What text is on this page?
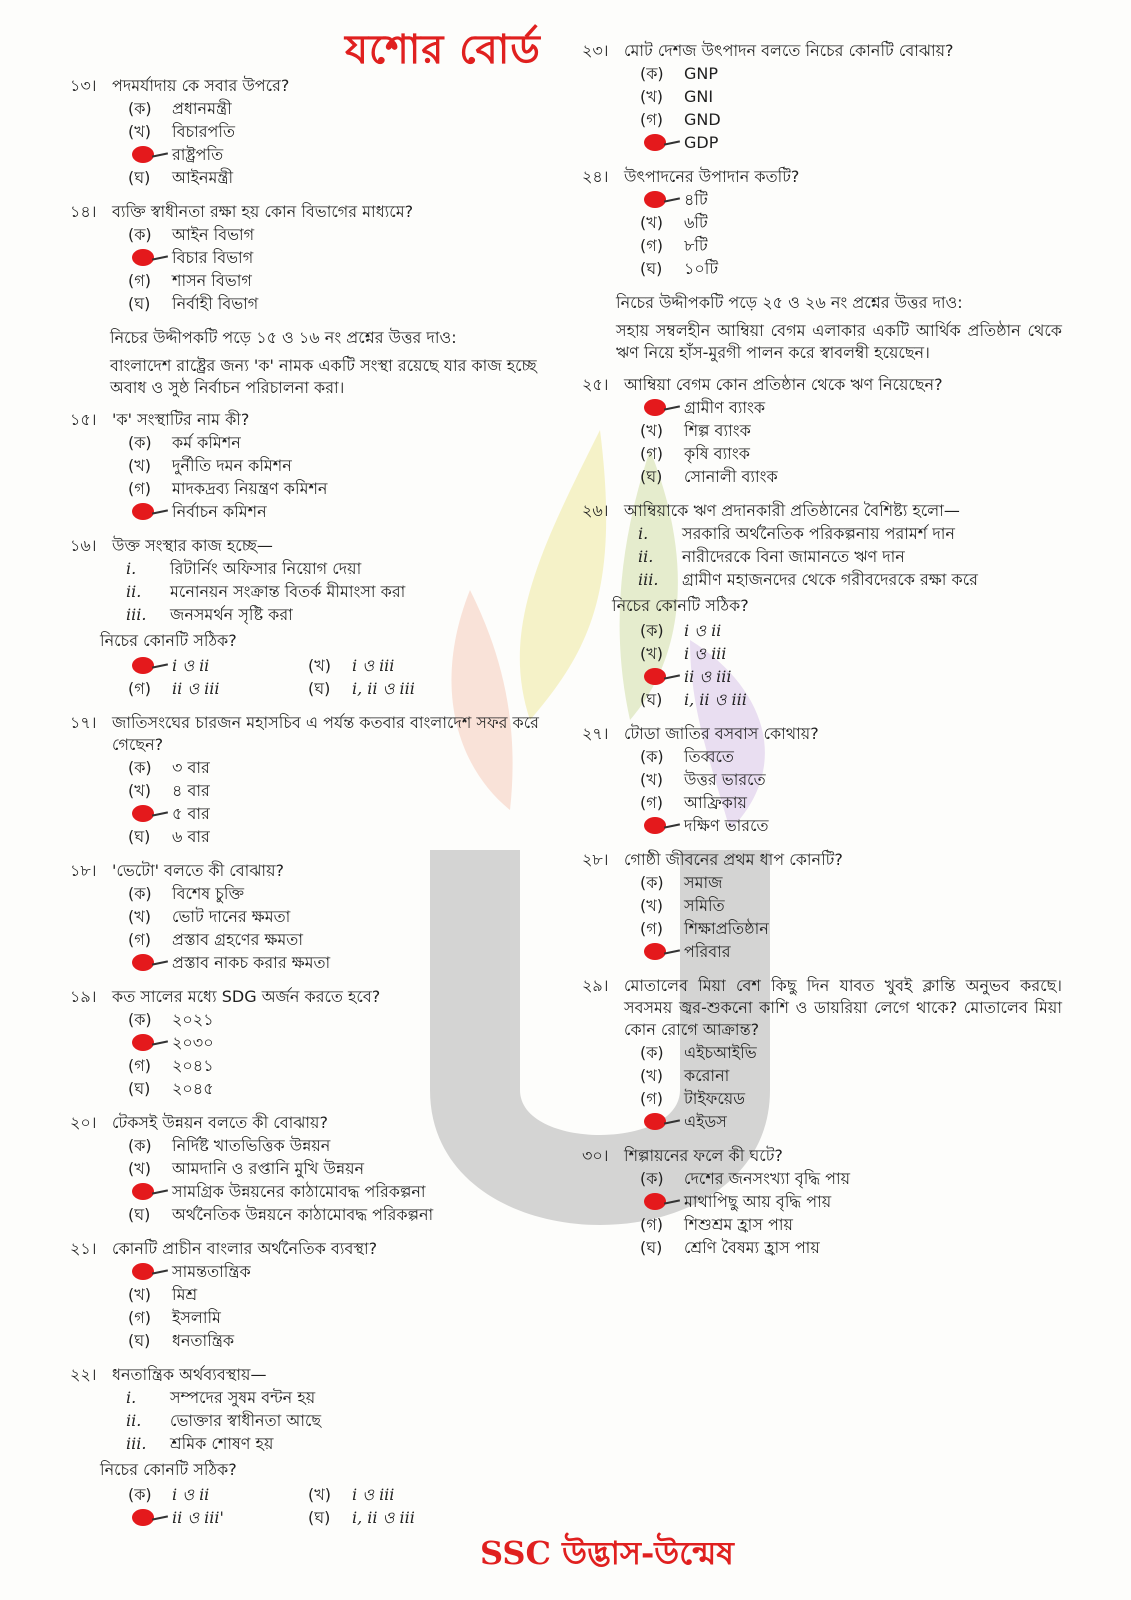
যশোর বোর্ড
১৩। পদমর্যাদায় কে সবার উপরে?
(ক)	প্রধানমন্ত্রী
(খ)	বিচারপতি
রাষ্ট্রপতি
(ঘ)	আইনমন্ত্রী
১৪। ব্যক্তি স্বাধীনতা রক্ষা হয় কোন বিভাগের মাধ্যমে?
(ক)	আইন বিভাগ
বিচার বিভাগ
(গ)	শাসন বিভাগ
(ঘ)	নির্বাহী বিভাগ
নিচের উদ্দীপকটি পড়ে ১৫ ও ১৬ নং প্রশ্নের উত্তর দাও:
বাংলাদেশ রাষ্ট্রের জন্য 'ক' নামক একটি সংস্থা রয়েছে যার কাজ হচ্ছে অবাধ ও সুষ্ঠ নির্বাচন পরিচালনা করা।
১৫। 'ক' সংস্থাটির নাম কী?
(ক)	কর্ম কমিশন
(খ)	দুর্নীতি দমন কমিশন
(গ)	মাদকদ্রব্য নিয়ন্ত্রণ কমিশন
নির্বাচন কমিশন
১৬। উক্ত সংস্থার কাজ হচ্ছে—
i.	রিটার্নিং অফিসার নিয়োগ দেয়া
ii.	মনোনয়ন সংক্রান্ত বিতর্ক মীমাংসা করা
iii.	জনসমর্থন সৃষ্টি করা
নিচের কোনটি সঠিক?
i ও ii	(খ)	i ও iii
(গ)	ii ও iii	(ঘ)	i, ii ও iii
১৭। জাতিসংঘের চারজন মহাসচিব এ পর্যন্ত কতবার বাংলাদেশ সফর করে গেছেন?
(ক)	৩ বার
(খ)	৪ বার
৫ বার
(ঘ)	৬ বার
১৮। 'ভেটো' বলতে কী বোঝায়?
(ক)	বিশেষ চুক্তি
(খ)	ভোট দানের ক্ষমতা
(গ)	প্রস্তাব গ্রহণের ক্ষমতা
প্রস্তাব নাকচ করার ক্ষমতা
১৯। কত সালের মধ্যে SDG অর্জন করতে হবে?
(ক)	২০২১
২০৩০
(গ)	২০৪১
(ঘ)	২০৪৫
২০। টেকসই উন্নয়ন বলতে কী বোঝায়?
(ক)	নির্দিষ্ট খাতভিত্তিক উন্নয়ন
(খ)	আমদানি ও রপ্তানি মুখি উন্নয়ন
সামগ্রিক উন্নয়নের কাঠামোবদ্ধ পরিকল্পনা
(ঘ)	অর্থনৈতিক উন্নয়নে কাঠামোবদ্ধ পরিকল্পনা
২১। কোনটি প্রাচীন বাংলার অর্থনৈতিক ব্যবস্থা?
সামন্ততান্ত্রিক
(খ)	মিশ্র
(গ)	ইসলামি
(ঘ)	ধনতান্ত্রিক
২২। ধনতান্ত্রিক অর্থব্যবস্থায়—
i.	সম্পদের সুষম বন্টন হয়
ii.	ভোক্তার স্বাধীনতা আছে
iii.	শ্রমিক শোষণ হয়
নিচের কোনটি সঠিক?
(ক)	i ও ii	(খ)	i ও iii
ii ও iii'	(ঘ)	i, ii ও iii
২৩। মোট দেশজ উৎপাদন বলতে নিচের কোনটি বোঝায়?
(ক)	GNP
(খ)	GNI
(গ)	GND
GDP
২৪। উৎপাদনের উপাদান কতটি?
৪টি
(খ)	৬টি
(গ)	৮টি
(ঘ)	১০টি
নিচের উদ্দীপকটি পড়ে ২৫ ও ২৬ নং প্রশ্নের উত্তর দাও:
সহায় সম্বলহীন আম্বিয়া বেগম এলাকার একটি আর্থিক প্রতিষ্ঠান থেকে ঋণ নিয়ে হাঁস-মুরগী পালন করে স্বাবলম্বী হয়েছেন।
২৫। আম্বিয়া বেগম কোন প্রতিষ্ঠান থেকে ঋণ নিয়েছেন?
গ্রামীণ ব্যাংক
(খ)	শিল্প ব্যাংক
(গ)	কৃষি ব্যাংক
(ঘ)	সোনালী ব্যাংক
২৬। আম্বিয়াকে ঋণ প্রদানকারী প্রতিষ্ঠানের বৈশিষ্ট্য হলো—
i.	সরকারি অর্থনৈতিক পরিকল্পনায় পরামর্শ দান
ii.	নারীদেরকে বিনা জামানতে ঋণ দান
iii.	গ্রামীণ মহাজনদের থেকে গরীবদেরকে রক্ষা করে
নিচের কোনটি সঠিক?
(ক)	i ও ii
(খ)	i ও iii
ii ও iii
(ঘ)	i, ii ও iii
২৭। টোডা জাতির বসবাস কোথায়?
(ক)	তিব্বতে
(খ)	উত্তর ভারতে
(গ)	আফ্রিকায়
দক্ষিণ ভারতে
২৮। গোষ্ঠী জীবনের প্রথম ধাপ কোনটি?
(ক)	সমাজ
(খ)	সমিতি
(গ)	শিক্ষাপ্রতিষ্ঠান
পরিবার
২৯। মোতালেব মিয়া বেশ কিছু দিন যাবত খুবই ক্লান্তি অনুভব করছে। সবসময় জ্বর-শুকনো কাশি ও ডায়রিয়া লেগে থাকে? মোতালেব মিয়া কোন রোগে আক্রান্ত?
(ক)	এইচআইভি
(খ)	করোনা
(গ)	টাইফয়েড
এইডস
৩০। শিল্পায়নের ফলে কী ঘটে?
(ক)	দেশের জনসংখ্যা বৃদ্ধি পায়
মাথাপিছু আয় বৃদ্ধি পায়
(গ)	শিশুশ্রম হ্রাস পায়
(ঘ)	শ্রেণি বৈষম্য হ্রাস পায়
SSC উদ্ভাস-উন্মেষ
